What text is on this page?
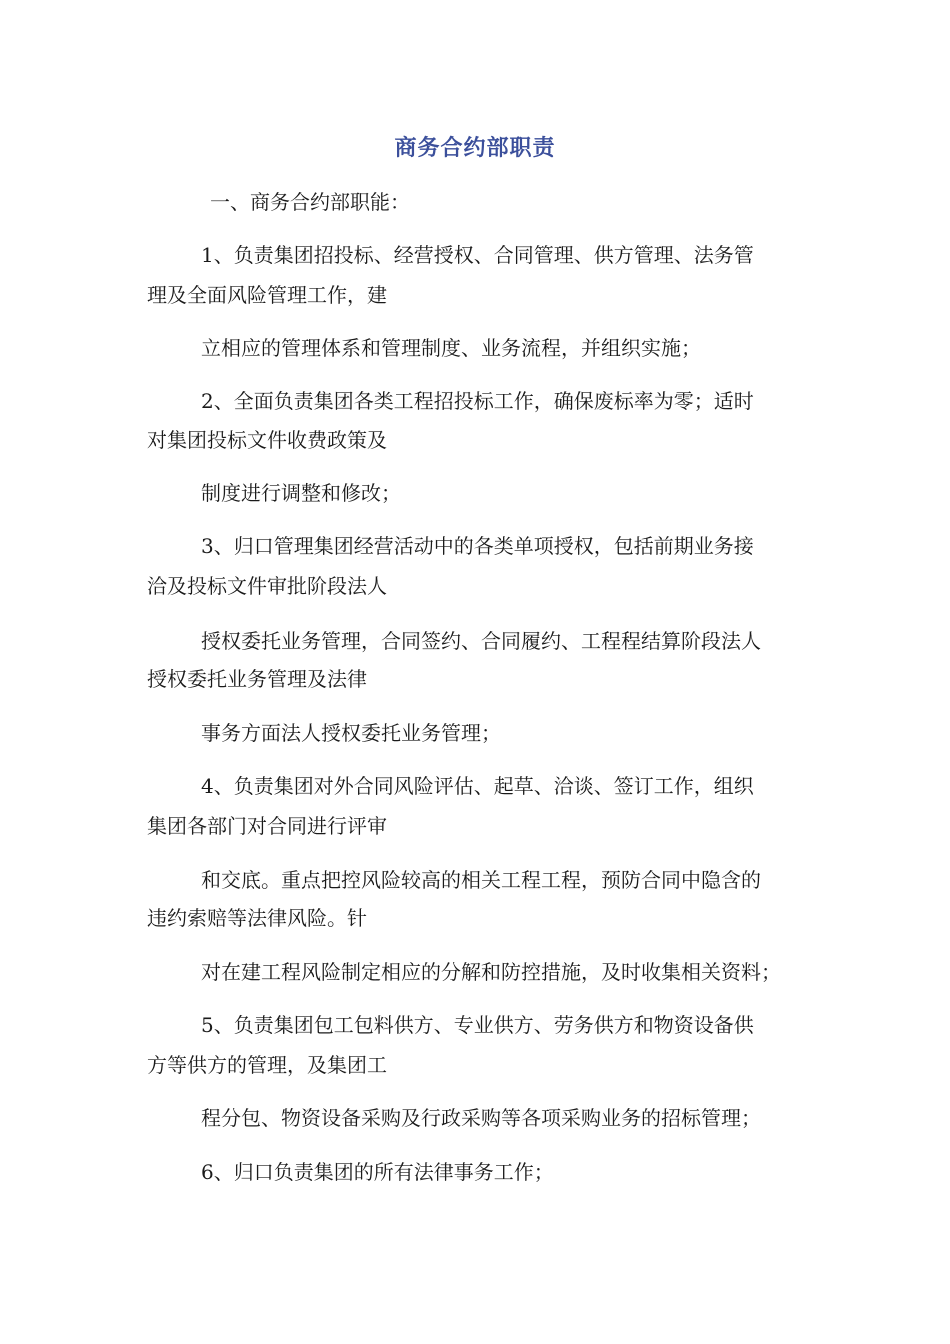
商务合约部职责
一、商务合约部职能：
1、负责集团招投标、经营授权、合同管理、供方管理、法务管
理及全面风险管理工作，建
立相应的管理体系和管理制度、业务流程，并组织实施；
2、全面负责集团各类工程招投标工作，确保废标率为零；适时
对集团投标文件收费政策及
制度进行调整和修改；
3、归口管理集团经营活动中的各类单项授权，包括前期业务接
洽及投标文件审批阶段法人
授权委托业务管理，合同签约、合同履约、工程程结算阶段法人
授权委托业务管理及法律
事务方面法人授权委托业务管理；
4、负责集团对外合同风险评估、起草、洽谈、签订工作，组织
集团各部门对合同进行评审
和交底。重点把控风险较高的相关工程工程，预防合同中隐含的
违约索赔等法律风险。针
对在建工程风险制定相应的分解和防控措施，及时收集相关资料；
5、负责集团包工包料供方、专业供方、劳务供方和物资设备供
方等供方的管理，及集团工
程分包、物资设备采购及行政采购等各项采购业务的招标管理；
6、归口负责集团的所有法律事务工作；
